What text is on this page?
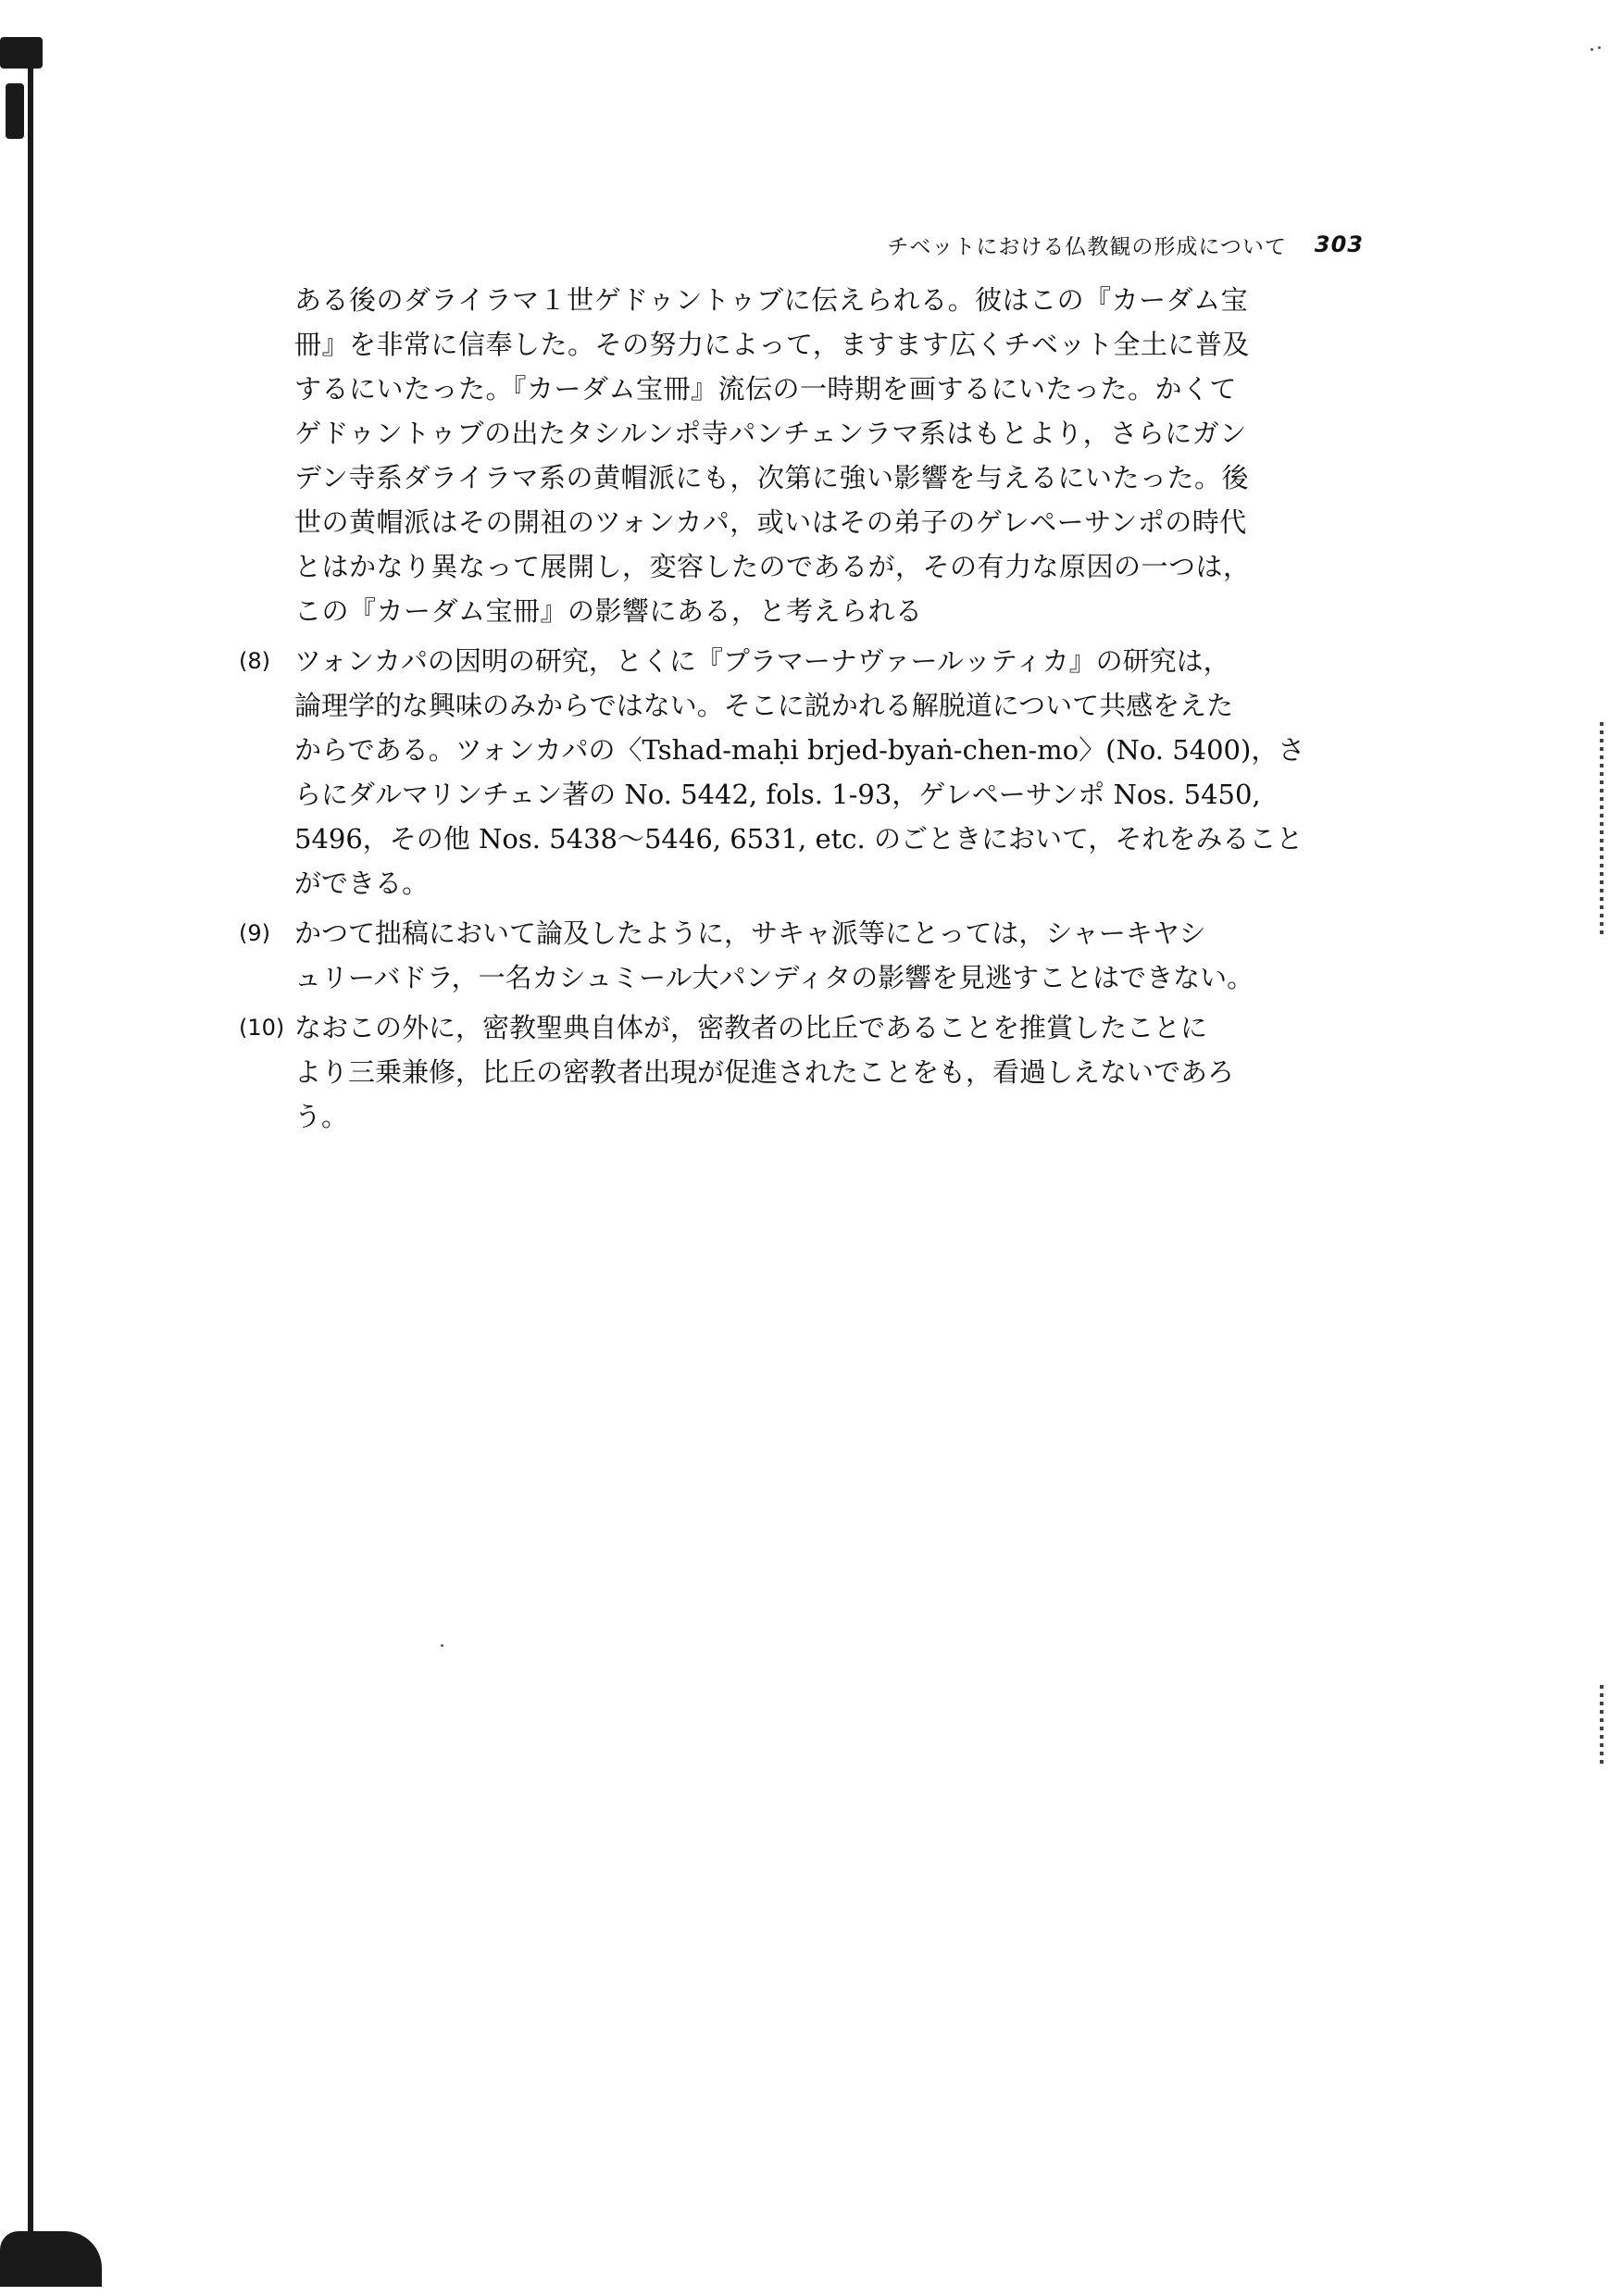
チベットにおける仏教観の形成について 303

ある後のダライラマ１世ゲドゥントゥブに伝えられる。彼はこの『カーダム宝
冊』を非常に信奉した。その努力によって，ますます広くチベット全土に普及
するにいたった。『カーダム宝冊』流伝の一時期を画するにいたった。かくて
ゲドゥントゥブの出たタシルンポ寺パンチェンラマ系はもとより，さらにガン
デン寺系ダライラマ系の黄帽派にも，次第に強い影響を与えるにいたった。後
世の黄帽派はその開祖のツォンカパ，或いはその弟子のゲレペーサンポの時代
とはかなり異なって展開し，変容したのであるが，その有力な原因の一つは，
この『カーダム宝冊』の影響にある，と考えられる

(8) ツォンカパの因明の研究，とくに『プラマーナヴァールッティカ』の研究は，
論理学的な興味のみからではない。そこに説かれる解脱道について共感をえた
からである。ツォンカパの〈Tshad-maḥi brjed-byaṅ-chen-mo〉(No. 5400)，さ
らにダルマリンチェン著の No. 5442, fols. 1-93，ゲレペーサンポ Nos. 5450,
5496，その他 Nos. 5438〜5446, 6531, etc. のごときにおいて，それをみること
ができる。
(9) かつて拙稿において論及したように，サキャ派等にとっては，シャーキヤシ
ュリーバドラ，一名カシュミール大パンディタの影響を見逃すことはできない。
(10) なおこの外に，密教聖典自体が，密教者の比丘であることを推賞したことに
より三乗兼修，比丘の密教者出現が促進されたことをも，看過しえないであろ
う。
